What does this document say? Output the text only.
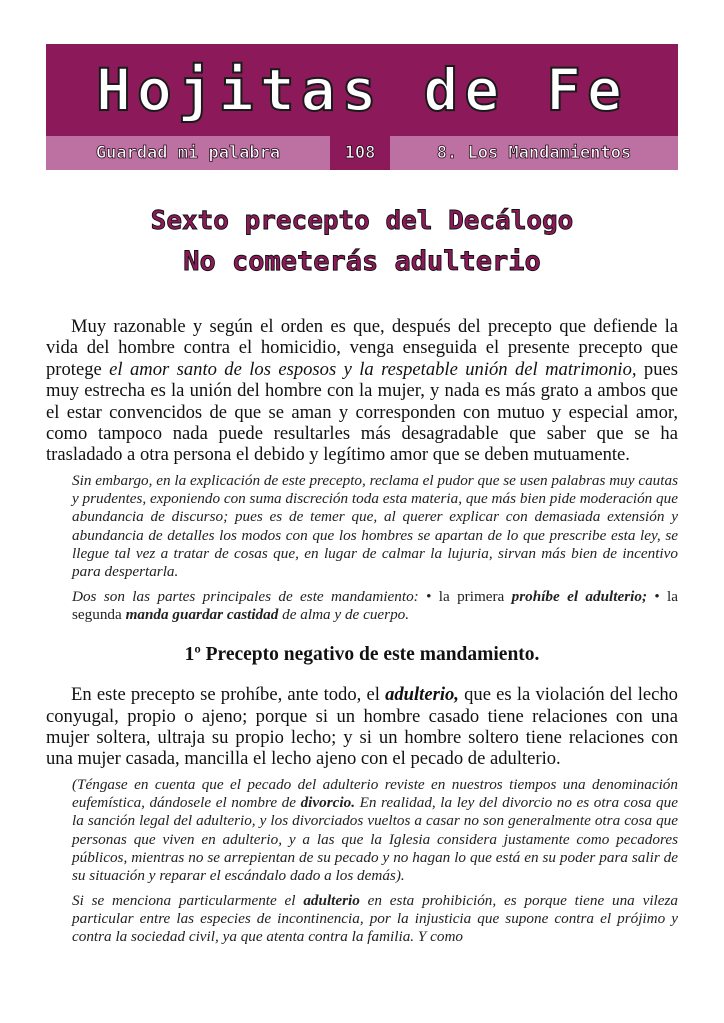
Hojitas de Fe
Guardad mi palabra	108	8. Los Mandamientos
Sexto precepto del Decálogo
No cometerás adulterio

Muy razonable y según el orden es que, después del precepto que defiende la vida del hombre contra el homicidio, venga enseguida el presente precepto que protege el amor santo de los esposos y la respetable unión del matrimonio, pues muy estrecha es la unión del hombre con la mujer, y nada es más grato a ambos que el estar convencidos de que se aman y corresponden con mutuo y especial amor, como tampoco nada puede resultarles más desagradable que saber que se ha trasladado a otra persona el debido y legítimo amor que se deben mutuamente.

Sin embargo, en la explicación de este precepto, reclama el pudor que se usen palabras muy cautas y prudentes, exponiendo con suma discreción toda esta materia, que más bien pide moderación que abundancia de discurso; pues es de temer que, al querer explicar con demasiada extensión y abundancia de detalles los modos con que los hombres se apartan de lo que prescribe esta ley, se llegue tal vez a tratar de cosas que, en lugar de calmar la lujuria, sirvan más bien de incentivo para despertarla.

Dos son las partes principales de este mandamiento: • la primera prohíbe el adulterio; • la segunda manda guardar castidad de alma y de cuerpo.

1º Precepto negativo de este mandamiento.

En este precepto se prohíbe, ante todo, el adulterio, que es la violación del lecho conyugal, propio o ajeno; porque si un hombre casado tiene relaciones con una mujer soltera, ultraja su propio lecho; y si un hombre soltero tiene relaciones con una mujer casada, mancilla el lecho ajeno con el pecado de adulterio.

(Téngase en cuenta que el pecado del adulterio reviste en nuestros tiempos una denominación eufemística, dándosele el nombre de divorcio. En realidad, la ley del divorcio no es otra cosa que la sanción legal del adulterio, y los divorciados vueltos a casar no son generalmente otra cosa que personas que viven en adulterio, y a las que la Iglesia considera justamente como pecadores públicos, mientras no se arrepientan de su pecado y no hagan lo que está en su poder para salir de su situación y reparar el escándalo dado a los demás).

Si se menciona particularmente el adulterio en esta prohibición, es porque tiene una vileza particular entre las especies de incontinencia, por la injusticia que supone contra el prójimo y contra la sociedad civil, ya que atenta contra la familia. Y como
